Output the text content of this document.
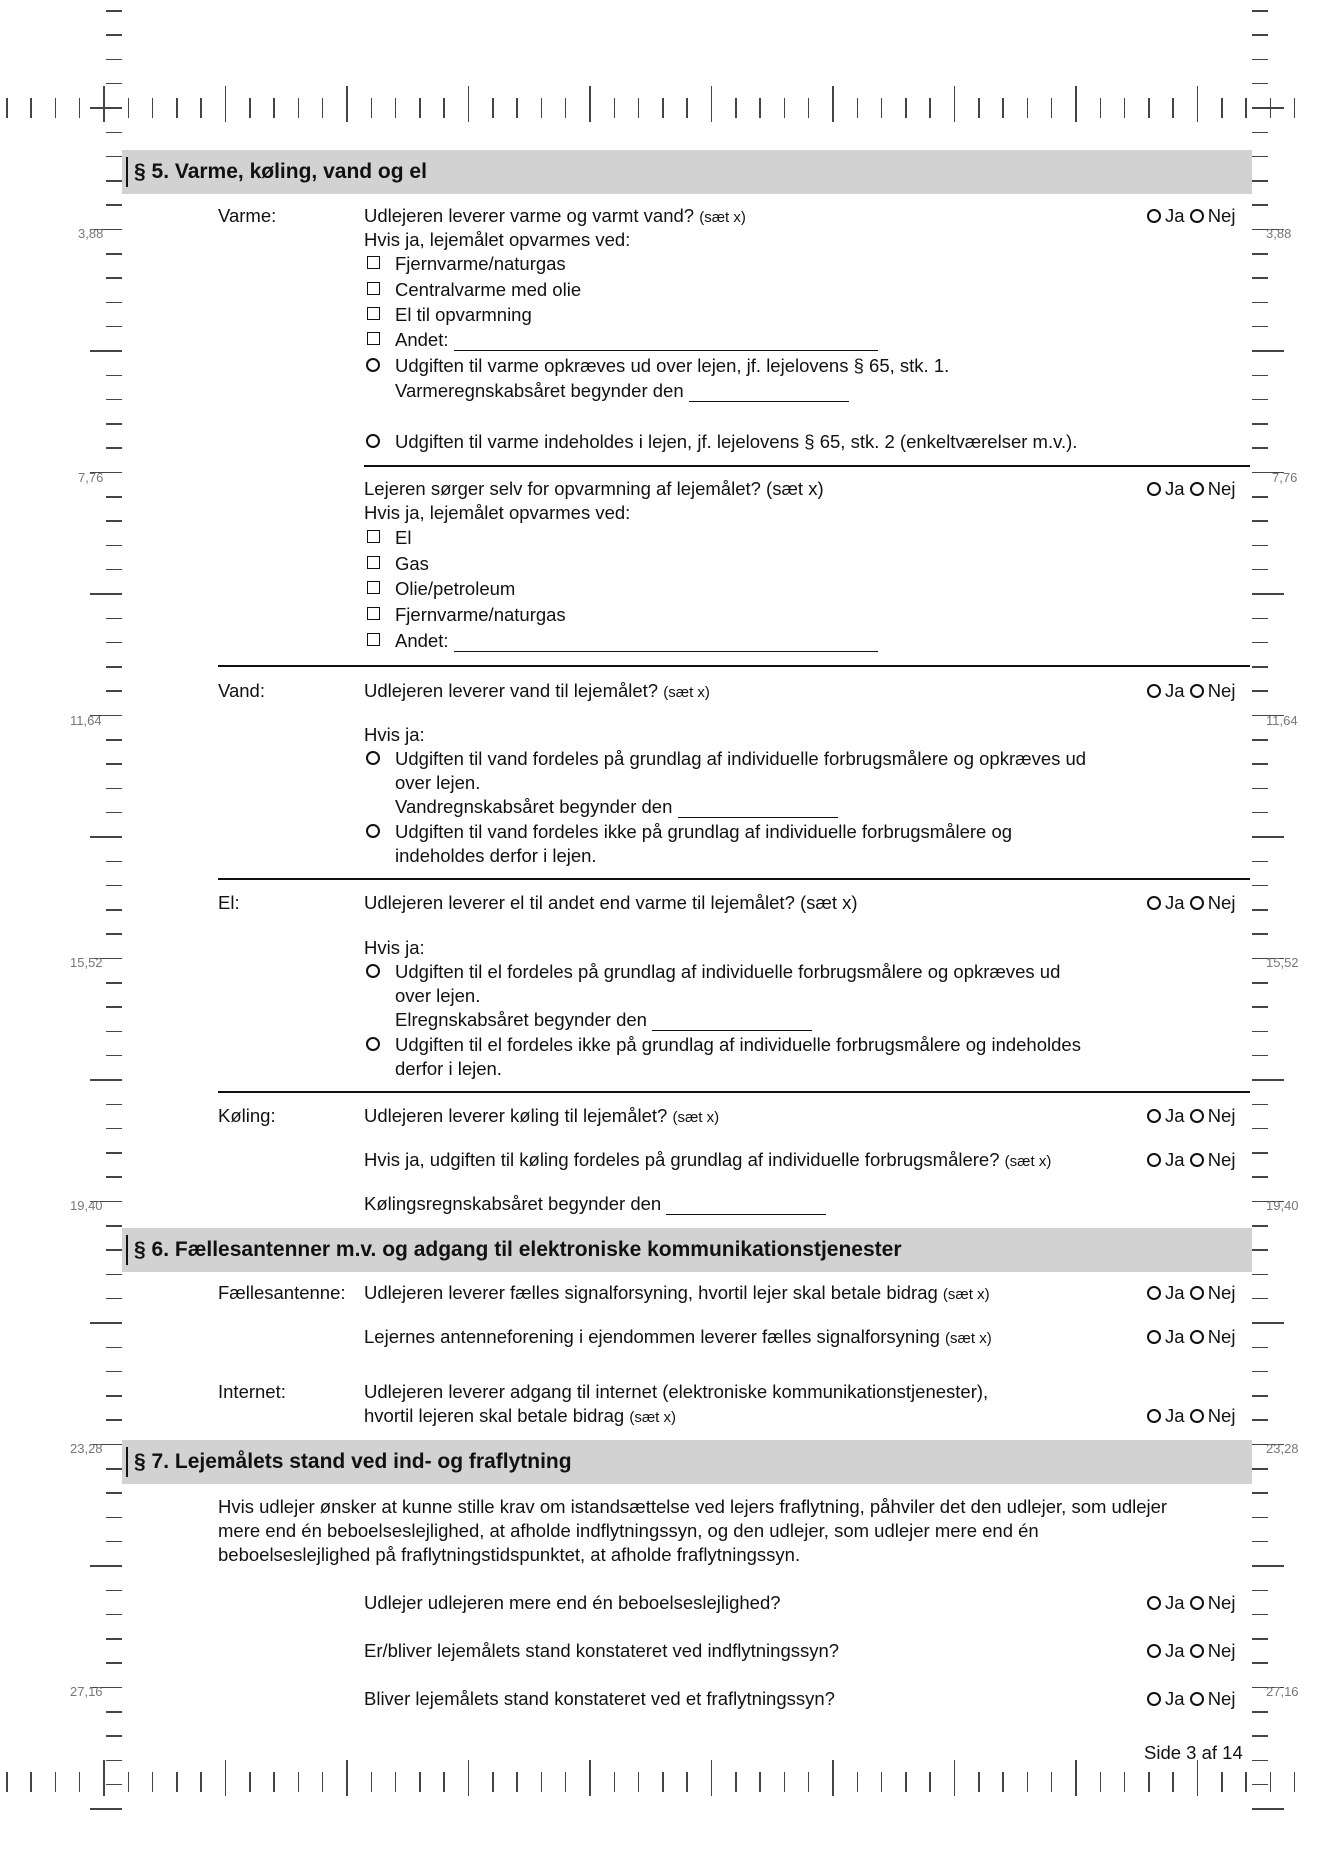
3,88	3,88
7,76	7,76
11,64	11,64
15,52	15,52
19,40	19,40
23,28	23,28
27,16	27,16
§ 5. Varme, køling, vand og el
Varme:	Udlejeren leverer varme og varmt vand? (sæt x)	Ja Nej
Hvis ja, lejemålet opvarmes ved:
Fjernvarme/naturgas
Centralvarme med olie
El til opvarmning
Andet:
Udgiften til varme opkræves ud over lejen, jf. lejelovens § 65, stk. 1.
Varmeregnskabsåret begynder den
Udgiften til varme indeholdes i lejen, jf. lejelovens § 65, stk. 2 (enkeltværelser m.v.).
Lejeren sørger selv for opvarmning af lejemålet? (sæt x)	Ja Nej
Hvis ja, lejemålet opvarmes ved:
El
Gas
Olie/petroleum
Fjernvarme/naturgas
Andet:
Vand:	Udlejeren leverer vand til lejemålet? (sæt x)	Ja Nej
Hvis ja:
Udgiften til vand fordeles på grundlag af individuelle forbrugsmålere og opkræves ud
over lejen.
Vandregnskabsåret begynder den
Udgiften til vand fordeles ikke på grundlag af individuelle forbrugsmålere og
indeholdes derfor i lejen.
El:	Udlejeren leverer el til andet end varme til lejemålet? (sæt x)	Ja Nej
Hvis ja:
Udgiften til el fordeles på grundlag af individuelle forbrugsmålere og opkræves ud
over lejen.
Elregnskabsåret begynder den
Udgiften til el fordeles ikke på grundlag af individuelle forbrugsmålere og indeholdes
derfor i lejen.
Køling:	Udlejeren leverer køling til lejemålet? (sæt x)	Ja Nej
Hvis ja, udgiften til køling fordeles på grundlag af individuelle forbrugsmålere? (sæt x)	Ja Nej
Kølingsregnskabsåret begynder den
§ 6. Fællesantenner m.v. og adgang til elektroniske kommunikationstjenester
Fællesantenne: Udlejeren leverer fælles signalforsyning, hvortil lejer skal betale bidrag (sæt x)	Ja Nej
Lejernes antenneforening i ejendommen leverer fælles signalforsyning (sæt x)	Ja Nej
Internet:	Udlejeren leverer adgang til internet (elektroniske kommunikationstjenester),
hvortil lejeren skal betale bidrag (sæt x)	Ja Nej
§ 7. Lejemålets stand ved ind- og fraflytning
Hvis udlejer ønsker at kunne stille krav om istandsættelse ved lejers fraflytning, påhviler det den udlejer, som udlejer
mere end én beboelseslejlighed, at afholde indflytningssyn, og den udlejer, som udlejer mere end én
beboelseslejlighed på fraflytningstidspunktet, at afholde fraflytningssyn.
Udlejer udlejeren mere end én beboelseslejlighed?	Ja Nej
Er/bliver lejemålets stand konstateret ved indflytningssyn?	Ja Nej
Bliver lejemålets stand konstateret ved et fraflytningssyn?	Ja Nej
Side 3 af 14
